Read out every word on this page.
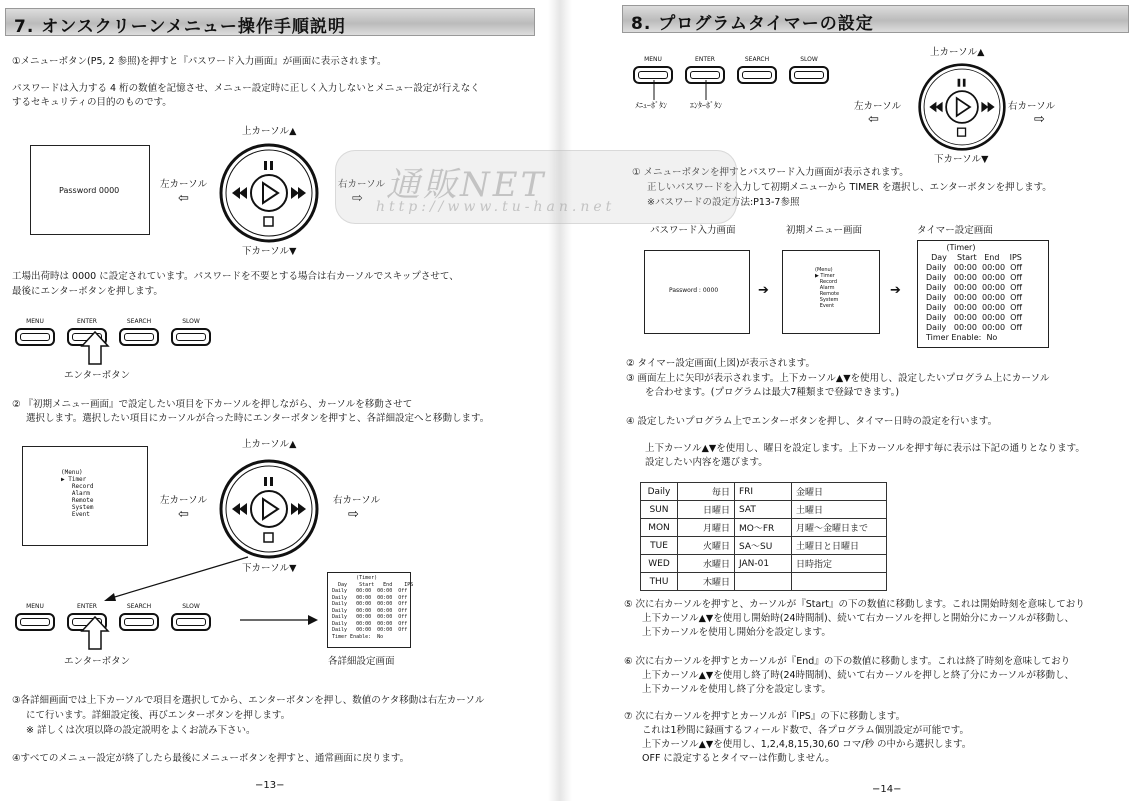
7. オンスクリーンメニュー操作手順説明
①メニューボタン(P5, 2 参照)を押すと『パスワード入力画面』が画面に表示されます。
パスワードは入力する 4 桁の数値を記憶させ、メニュー設定時に正しく入力しないとメニュー設定が行えなく
するセキュリティの目的のものです。
Password 0000
上カーソル▲
下カーソル▼
左カーソル
⇦
右カーソル
⇨
工場出荷時は 0000 に設定されています。パスワードを不要とする場合は右カーソルでスキップさせて、
最後にエンターボタンを押します。
MENU	ENTER	SEARCH	SLOW
エンターボタン
② 『初期メニュー画面』で設定したい項目を下カーソルを押しながら、カーソルを移動させて
選択します。選択したい項目にカーソルが合った時にエンターボタンを押すと、各詳細設定へと移動します。
(Menu)
▶ Timer
Record
Alarm
Remote
System
Event
上カーソル▲
下カーソル▼
左カーソル
⇦
右カーソル
⇨
MENU	ENTER	SEARCH	SLOW
エンターボタン
(Timer)
Day    Start   End    IPS
Daily   00:00  00:00  Off
Daily   00:00  00:00  Off
Daily   00:00  00:00  Off
Daily   00:00  00:00  Off
Daily   00:00  00:00  Off
Daily   00:00  00:00  Off
Daily   00:00  00:00  Off
Timer Enable:  No
各詳細設定画面
③各詳細画面では上下カーソルで項目を選択してから、エンターボタンを押し、数値のケタ移動は右左カーソル
にて行います。詳細設定後、再びエンターボタンを押します。
※ 詳しくは次項以降の設定説明をよくお読み下さい。
④すべてのメニュー設定が終了したら最後にメニューボタンを押すと、通常画面に戻ります。
−13−
8. プログラムタイマーの設定
MENU	ENTER	SEARCH	SLOW
ﾒﾆｭｰﾎﾞﾀﾝ	ｴﾝﾀｰﾎﾞﾀﾝ
上カーソル▲
下カーソル▼
左カーソル
⇦
右カーソル
⇨
① メニューボタンを押すとパスワード入力画面が表示されます。
正しいパスワードを入力して初期メニューから TIMER を選択し、エンターボタンを押します。
※パスワードの設定方法:P13-7参照
パスワード入力画面	初期メニュー画面	タイマー設定画面
Password : 0000	➔
(Menu)
▶ Timer
Record
Alarm
Remote
System
Event
➔
(Timer)
Day    Start   End    IPS
Daily   00:00  00:00  Off
Daily   00:00  00:00  Off
Daily   00:00  00:00  Off
Daily   00:00  00:00  Off
Daily   00:00  00:00  Off
Daily   00:00  00:00  Off
Daily   00:00  00:00  Off
Timer Enable:  No
② タイマー設定画面(上図)が表示されます。
③ 画面左上に矢印が表示されます。上下カーソル▲▼を使用し、設定したいプログラム上にカーソル
を合わせます。(プログラムは最大7種類まで登録できます。)
④ 設定したいプログラム上でエンターボタンを押し、タイマー日時の設定を行います。
上下カーソル▲▼を使用し、曜日を設定します。上下カーソルを押す毎に表示は下記の通りとなります。
設定したい内容を選びます。
Daily	毎日	FRI	金曜日
SUN	日曜日	SAT	土曜日
MON	月曜日	MO〜FR	月曜〜金曜日まで
TUE	火曜日	SA〜SU	土曜日と日曜日
WED	水曜日	JAN-01	日時指定
THU	木曜日		
⑤ 次に右カーソルを押すと、カーソルが『Start』の下の数値に移動します。これは開始時刻を意味しており
上下カーソル▲▼を使用し開始時(24時間制)、続いて右カーソルを押しと開始分にカーソルが移動し、
上下カーソルを使用し開始分を設定します。
⑥ 次に右カーソルを押すとカーソルが『End』の下の数値に移動します。これは終了時刻を意味しており
上下カーソル▲▼を使用し終了時(24時間制)、続いて右カーソルを押しと終了分にカーソルが移動し、
上下カーソルを使用し終了分を設定します。
⑦ 次に右カーソルを押すとカーソルが『IPS』の下に移動します。
これは1秒間に録画するフィールド数で、各プログラム個別設定が可能です。
上下カーソル▲▼を使用し、1,2,4,8,15,30,60 コマ/秒 の中から選択します。
OFF に設定するとタイマーは作動しません。
−14−
通販NET
http://www.tu-han.net
